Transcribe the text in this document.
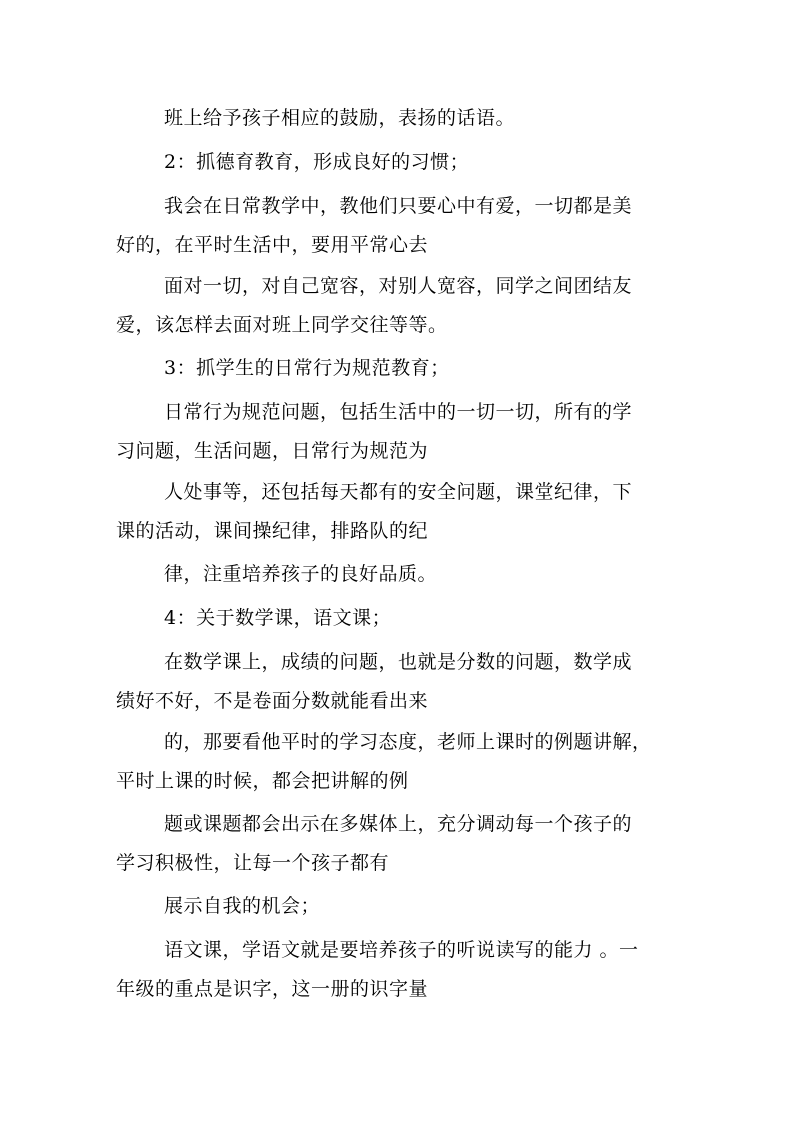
班上给予孩子相应的鼓励，表扬的话语。
2：抓德育教育，形成良好的习惯；
我会在日常教学中，教他们只要心中有爱，一切都是美
好的，在平时生活中，要用平常心去
面对一切，对自己宽容，对别人宽容，同学之间团结友
爱，该怎样去面对班上同学交往等等。
3：抓学生的日常行为规范教育；
日常行为规范问题，包括生活中的一切一切，所有的学
习问题，生活问题，日常行为规范为
人处事等，还包括每天都有的安全问题，课堂纪律，下
课的活动，课间操纪律，排路队的纪
律，注重培养孩子的良好品质。
4：关于数学课，语文课；
在数学课上，成绩的问题，也就是分数的问题，数学成
绩好不好，不是卷面分数就能看出来
的，那要看他平时的学习态度，老师上课时的例题讲解，
平时上课的时候，都会把讲解的例
题或课题都会出示在多媒体上，充分调动每一个孩子的
学习积极性，让每一个孩子都有
展示自我的机会；
语文课，学语文就是要培养孩子的听说读写的能力 。一
年级的重点是识字，这一册的识字量
